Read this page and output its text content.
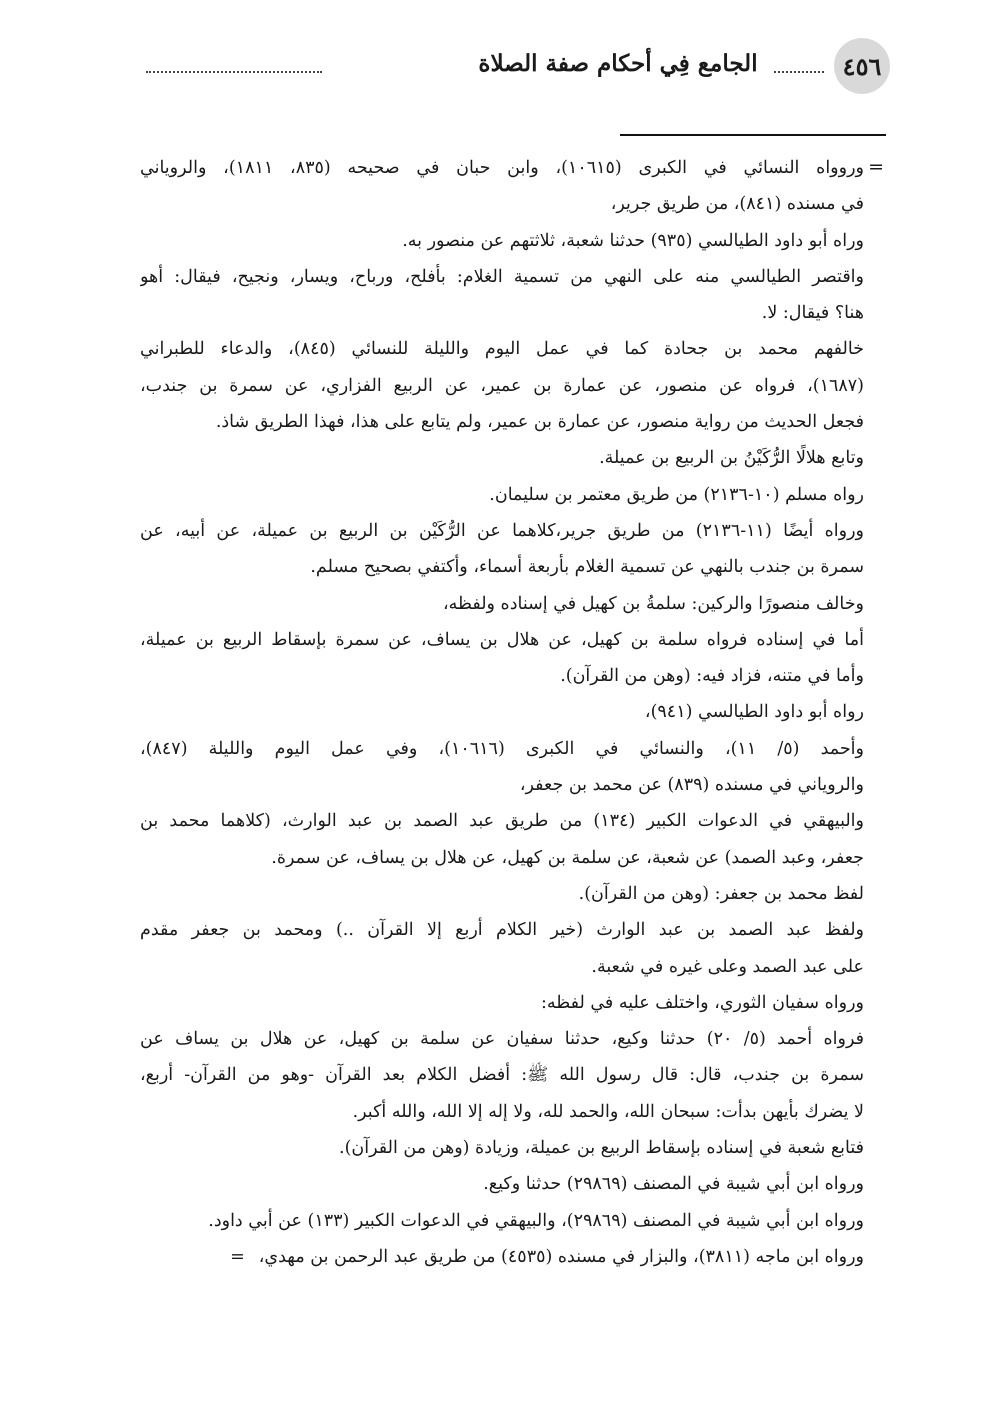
٤٥٦
الجامع فِي أحكام صفة الصلاة
=
وروواه النسائي في الكبرى (١٠٦١٥)، وابن حبان في صحيحه (٨٣٥، ١٨١١)، والروياني
في مسنده (٨٤١)، من طريق جرير،
وراه أبو داود الطيالسي (٩٣٥) حدثنا شعبة، ثلاثتهم عن منصور به.
واقتصر الطيالسي منه على النهي من تسمية الغلام: بأفلح، ورباح، ويسار، ونجيح، فيقال: أهو
هنا؟ فيقال: لا.
خالفهم محمد بن جحادة كما في عمل اليوم والليلة للنسائي (٨٤٥)، والدعاء للطبراني
(١٦٨٧)، فرواه عن منصور، عن عمارة بن عمير، عن الربيع الفزاري، عن سمرة بن جندب،
فجعل الحديث من رواية منصور، عن عمارة بن عمير، ولم يتابع على هذا، فهذا الطريق شاذ.
وتابع هلالًا الرُّكَيْنُ بن الربيع بن عميلة.
رواه مسلم (١٠-٢١٣٦) من طريق معتمر بن سليمان.
ورواه أيضًا (١١-٢١٣٦) من طريق جرير،كلاهما عن الرُّكَيْن بن الربيع بن عميلة، عن أبيه، عن
سمرة بن جندب بالنهي عن تسمية الغلام بأربعة أسماء، وأكتفي بصحيح مسلم.
وخالف منصورًا والركين: سلمةُ بن كهيل في إسناده ولفظه،
أما في إسناده فرواه سلمة بن كهيل، عن هلال بن يساف، عن سمرة بإسقاط الربيع بن عميلة،
وأما في متنه، فزاد فيه: (وهن من القرآن).
رواه أبو داود الطيالسي (٩٤١)،
وأحمد (٥/ ١١)، والنسائي في الكبرى (١٠٦١٦)، وفي عمل اليوم والليلة (٨٤٧)،
والروياني في مسنده (٨٣٩) عن محمد بن جعفر،
والبيهقي في الدعوات الكبير (١٣٤) من طريق عبد الصمد بن عبد الوارث، (كلاهما محمد بن
جعفر، وعبد الصمد) عن شعبة، عن سلمة بن كهيل، عن هلال بن يساف، عن سمرة.
لفظ محمد بن جعفر: (وهن من القرآن).
ولفظ عبد الصمد بن عبد الوارث (خير الكلام أربع إلا القرآن ..) ومحمد بن جعفر مقدم
على عبد الصمد وعلى غيره في شعبة.
ورواه سفيان الثوري، واختلف عليه في لفظه:
فرواه أحمد (٥/ ٢٠) حدثنا وكيع، حدثنا سفيان عن سلمة بن كهيل، عن هلال بن يساف عن
سمرة بن جندب، قال: قال رسول الله ﷺ: أفضل الكلام بعد القرآن -وهو من القرآن- أربع،
لا يضرك بأيهن بدأت: سبحان الله، والحمد لله، ولا إله إلا الله، والله أكبر.
فتابع شعبة في إسناده بإسقاط الربيع بن عميلة، وزيادة (وهن من القرآن).
ورواه ابن أبي شيبة في المصنف (٢٩٨٦٩) حدثنا وكيع.
ورواه ابن أبي شيبة في المصنف (٢٩٨٦٩)، والبيهقي في الدعوات الكبير (١٣٣) عن أبي داود.
ورواه ابن ماجه (٣٨١١)، والبزار في مسنده (٤٥٣٥) من طريق عبد الرحمن بن مهدي،=
